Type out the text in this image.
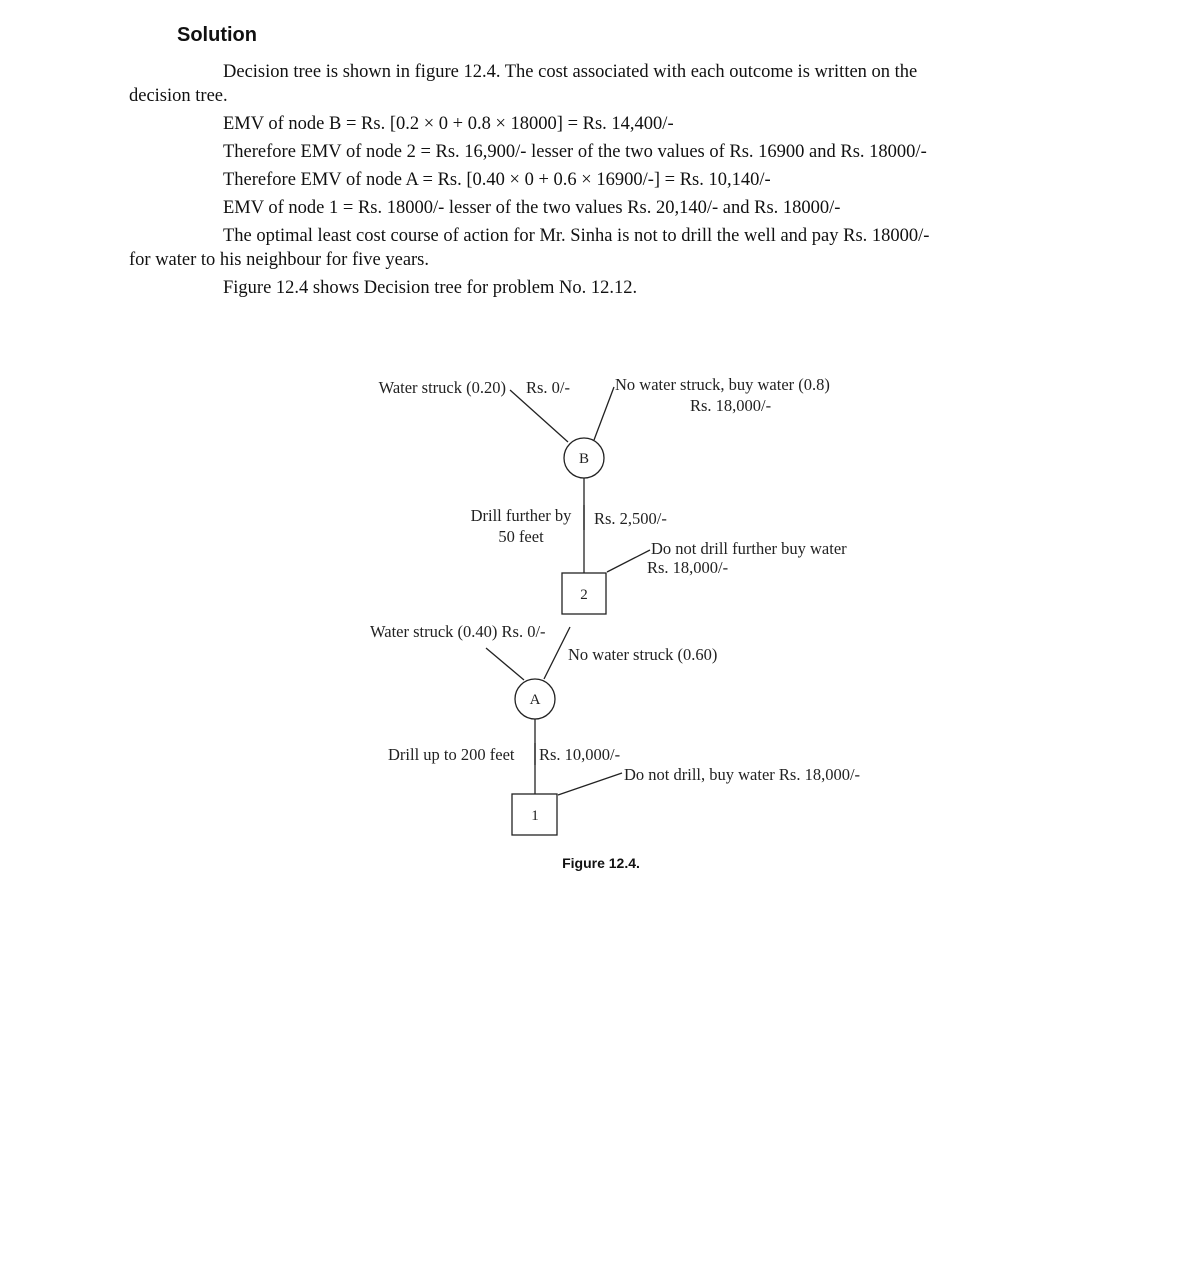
Solution

Decision tree is shown in figure 12.4. The cost associated with each outcome is written on the
decision tree.

EMV of node B = Rs. [0.2 × 0 + 0.8 × 18000] = Rs. 14,400/-

Therefore EMV of node 2 = Rs. 16,900/- lesser of the two values of Rs. 16900 and Rs. 18000/-

Therefore EMV of node A = Rs. [0.40 × 0 + 0.6 × 16900/-] = Rs. 10,140/-

EMV of node 1 = Rs. 18000/- lesser of the two values Rs. 20,140/- and Rs. 18000/-

The optimal least cost course of action for Mr. Sinha is not to drill the well and pay Rs. 18000/-
for water to his neighbour for five years.

Figure 12.4 shows Decision tree for problem No. 12.12.

B
2
A
1
Water struck (0.20) Rs. 0/-	No water struck, buy water (0.8)
Rs. 18,000/-
Drill further by
50 feet
Rs. 2,500/-
Do not drill further buy water
Rs. 18,000/-
Water struck (0.40) Rs. 0/-
No water struck (0.60)
Drill up to 200 feet Rs. 10,000/-
Do not drill, buy water Rs. 18,000/-
Figure 12.4.
